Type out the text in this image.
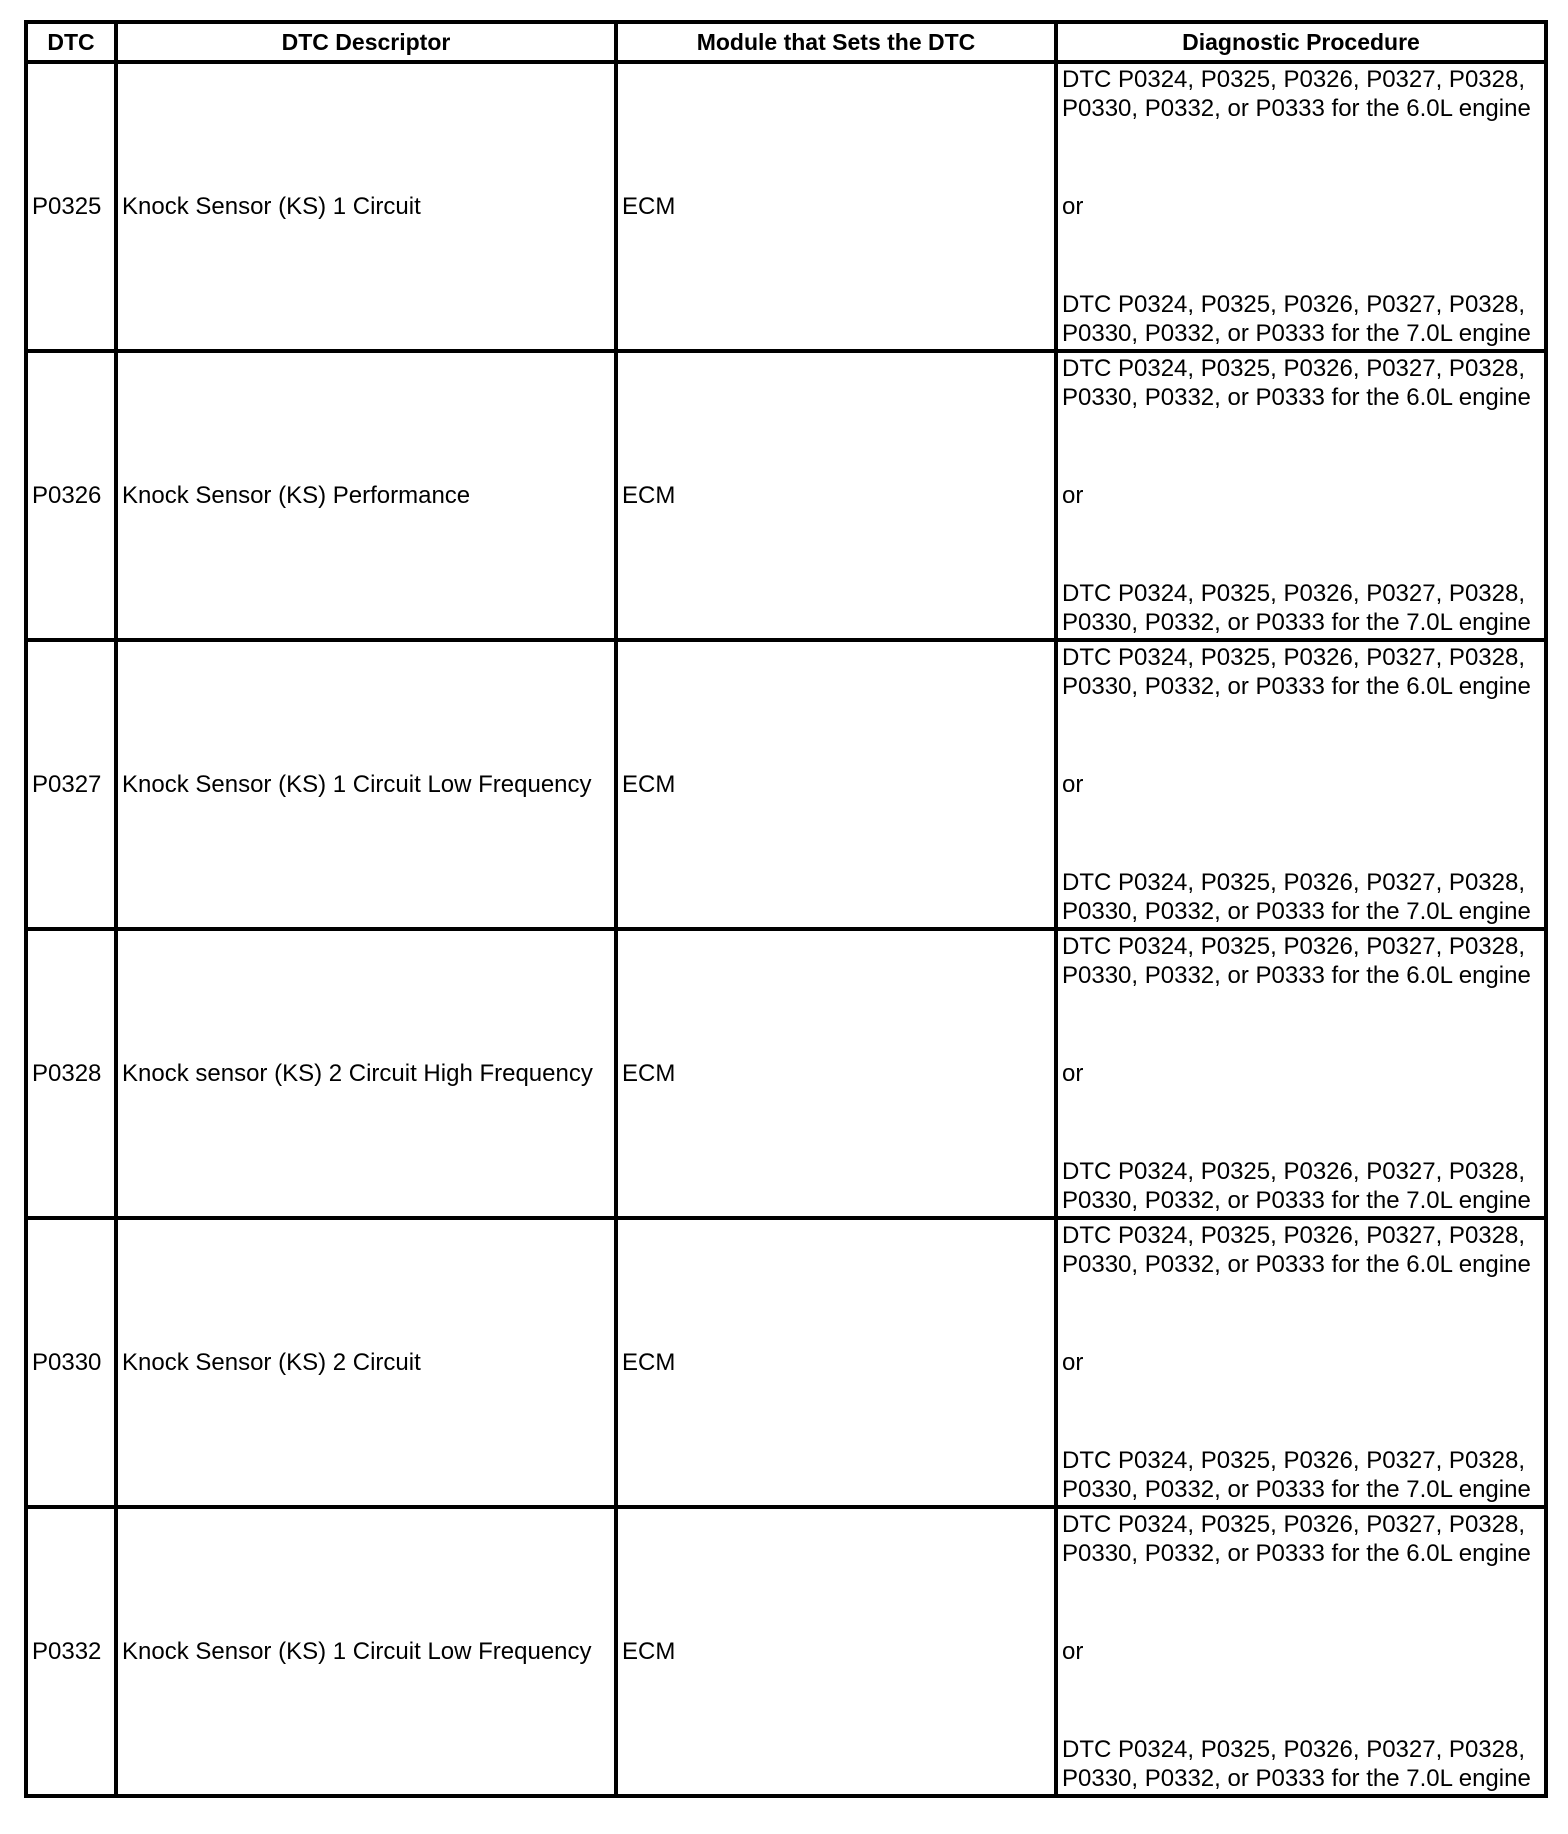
DTC	DTC Descriptor	Module that Sets the DTC	Diagnostic Procedure
P0325	Knock Sensor (KS) 1 Circuit	ECM	DTC P0324, P0325, P0326, P0327, P0328, P0330, P0332, or P0333 for the 6.0L engine
or
DTC P0324, P0325, P0326, P0327, P0328, P0330, P0332, or P0333 for the 7.0L engine

P0326	Knock Sensor (KS) Performance	ECM	DTC P0324, P0325, P0326, P0327, P0328, P0330, P0332, or P0333 for the 6.0L engine
or
DTC P0324, P0325, P0326, P0327, P0328, P0330, P0332, or P0333 for the 7.0L engine

P0327	Knock Sensor (KS) 1 Circuit Low Frequency	ECM	DTC P0324, P0325, P0326, P0327, P0328, P0330, P0332, or P0333 for the 6.0L engine
or
DTC P0324, P0325, P0326, P0327, P0328, P0330, P0332, or P0333 for the 7.0L engine

P0328	Knock sensor (KS) 2 Circuit High Frequency	ECM	DTC P0324, P0325, P0326, P0327, P0328, P0330, P0332, or P0333 for the 6.0L engine
or
DTC P0324, P0325, P0326, P0327, P0328, P0330, P0332, or P0333 for the 7.0L engine

P0330	Knock Sensor (KS) 2 Circuit	ECM	DTC P0324, P0325, P0326, P0327, P0328, P0330, P0332, or P0333 for the 6.0L engine
or
DTC P0324, P0325, P0326, P0327, P0328, P0330, P0332, or P0333 for the 7.0L engine

P0332	Knock Sensor (KS) 1 Circuit Low Frequency	ECM	DTC P0324, P0325, P0326, P0327, P0328, P0330, P0332, or P0333 for the 6.0L engine
or
DTC P0324, P0325, P0326, P0327, P0328, P0330, P0332, or P0333 for the 7.0L engine
